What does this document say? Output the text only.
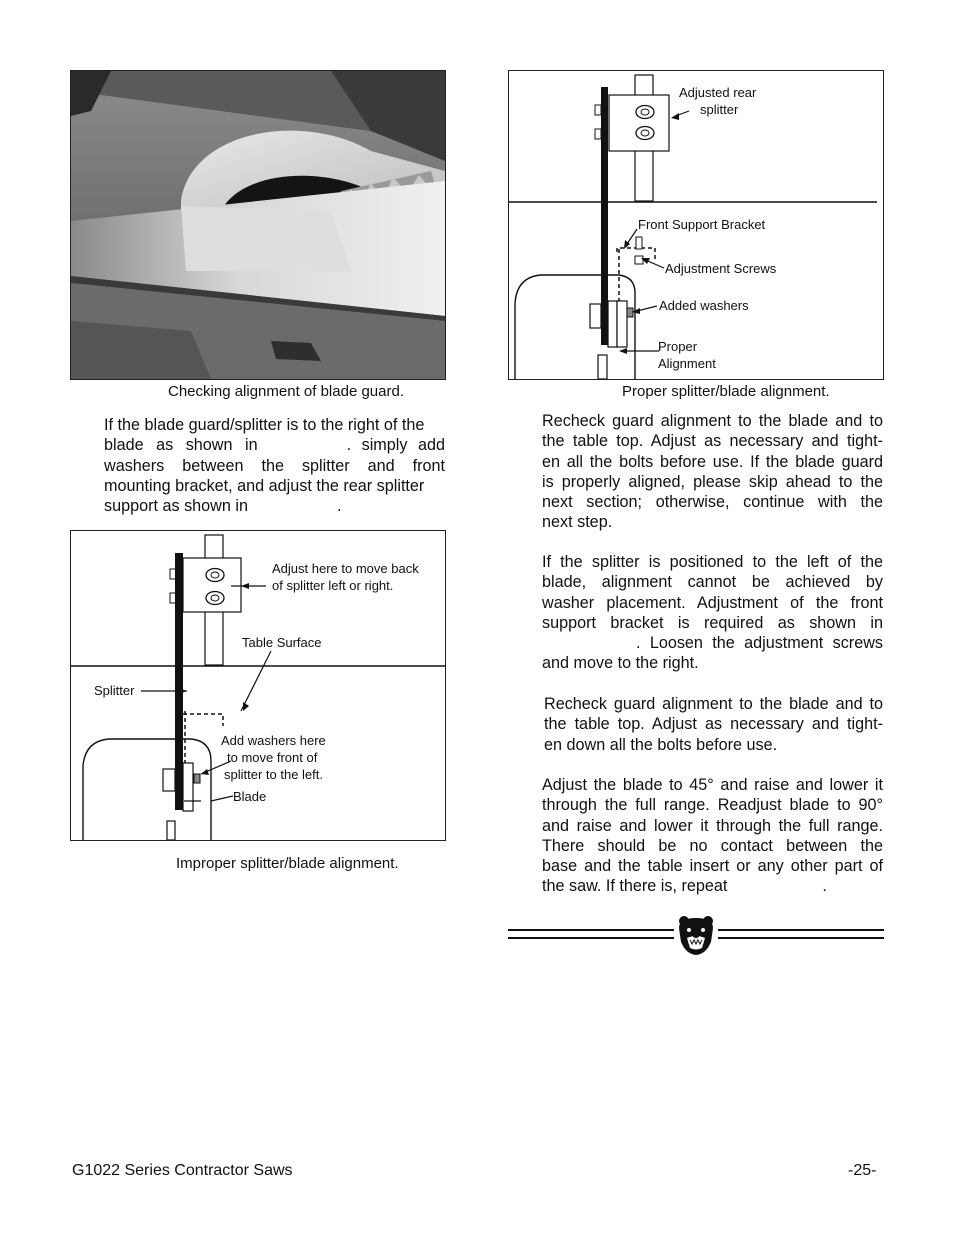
Checking alignment of blade guard.
If the blade guard/splitter is to the right of the
blade as shown in	. simply add
washers between the splitter and front
mounting bracket, and adjust the rear splitter
support as shown in	.
Adjust here to move back
of splitter left or right.
Table Surface
Splitter
Add washers here
to move front of
splitter to the left.
Blade
Improper splitter/blade alignment.
Adjusted rear
splitter
Front Support Bracket
Adjustment Screws
Added washers
Proper
Alignment
Proper splitter/blade alignment.
Recheck guard alignment to the blade and to
the table top. Adjust as necessary and tight-
en all the bolts before use. If the blade guard
is properly aligned, please skip ahead to the
next section; otherwise, continue with the
next step.
If the splitter is positioned to the left of the
blade, alignment cannot be achieved by
washer placement. Adjustment of the front
support bracket is required as shown in
. Loosen the adjustment screws
and move to the right.
Recheck guard alignment to the blade and to
the table top. Adjust as necessary and tight-
en down all the bolts before use.
Adjust the blade to 45° and raise and lower it
through the full range. Readjust blade to 90°
and raise and lower it through the full range.
There should be no contact between the
base and the table insert or any other part of
the saw. If there is, repeat	.
G1022 Series Contractor Saws	-25-
